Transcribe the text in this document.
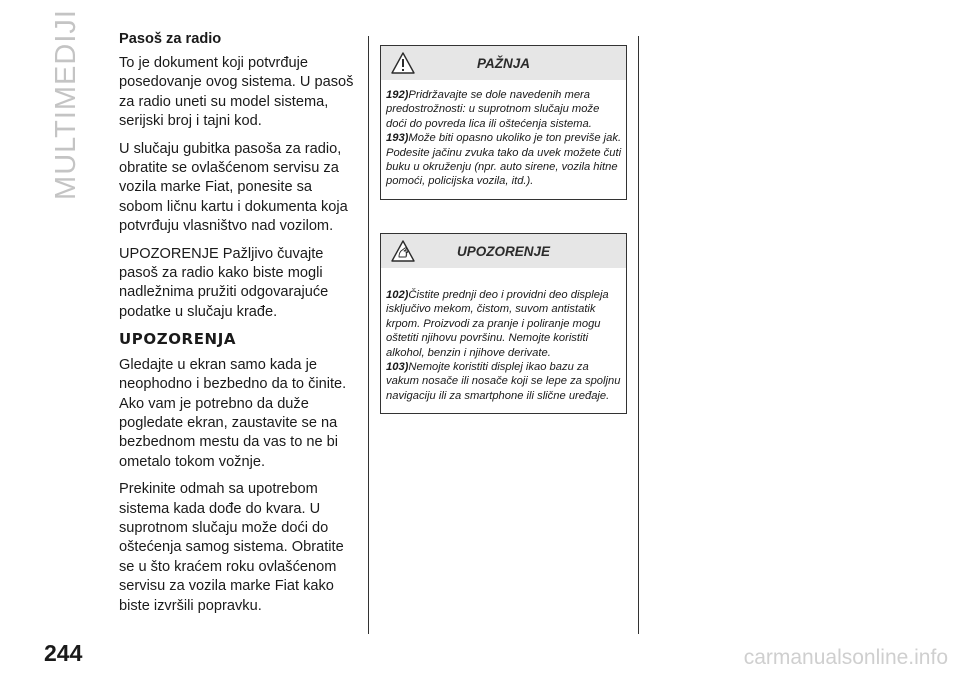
MULTIMEDIJI	Pasoš za radio

To je dokument koji potvrđuje posedovanje ovog sistema. U pasoš za radio uneti su model sistema, serijski broj i tajni kod.

U slučaju gubitka pasoša za radio, obratite se ovlašćenom servisu za vozila marke Fiat, ponesite sa sobom ličnu kartu i dokumenta koja potvrđuju vlasništvo nad vozilom.

UPOZORENJE Pažljivo čuvajte pasoš za radio kako biste mogli nadležnima pružiti odgovarajuće podatke u slučaju krađe.

UPOZORENJA

Gledajte u ekran samo kada je neophodno i bezbedno da to činite. Ako vam je potrebno da duže pogledate ekran, zaustavite se na bezbednom mestu da vas to ne bi ometalo tokom vožnje.

Prekinite odmah sa upotrebom sistema kada dođe do kvara. U suprotnom slučaju može doći do oštećenja samog sistema. Obratite se u što kraćem roku ovlašćenom servisu za vozila marke Fiat kako biste izvršili popravku.

PAŽNJA
192)Pridržavajte se dole navedenih mera predostrožnosti: u suprotnom slučaju može doći do povreda lica ili oštećenja sistema.
193)Može biti opasno ukoliko je ton previše jak. Podesite jačinu zvuka tako da uvek možete čuti buku u okruženju (npr. auto sirene, vozila hitne pomoći, policijska vozila, itd.).
UPOZORENJE
102)Čistite prednji deo i providni deo displeja isključivo mekom, čistom, suvom antistatik krpom. Proizvodi za pranje i poliranje mogu oštetiti njihovu površinu. Nemojte koristiti alkohol, benzin i njihove derivate.
103)Nemojte koristiti displej ikao bazu za vakum nosače ili nosače koji se lepe za spoljnu navigaciju ili za smartphone ili slične uređaje.
244	carmanualsonline.info
